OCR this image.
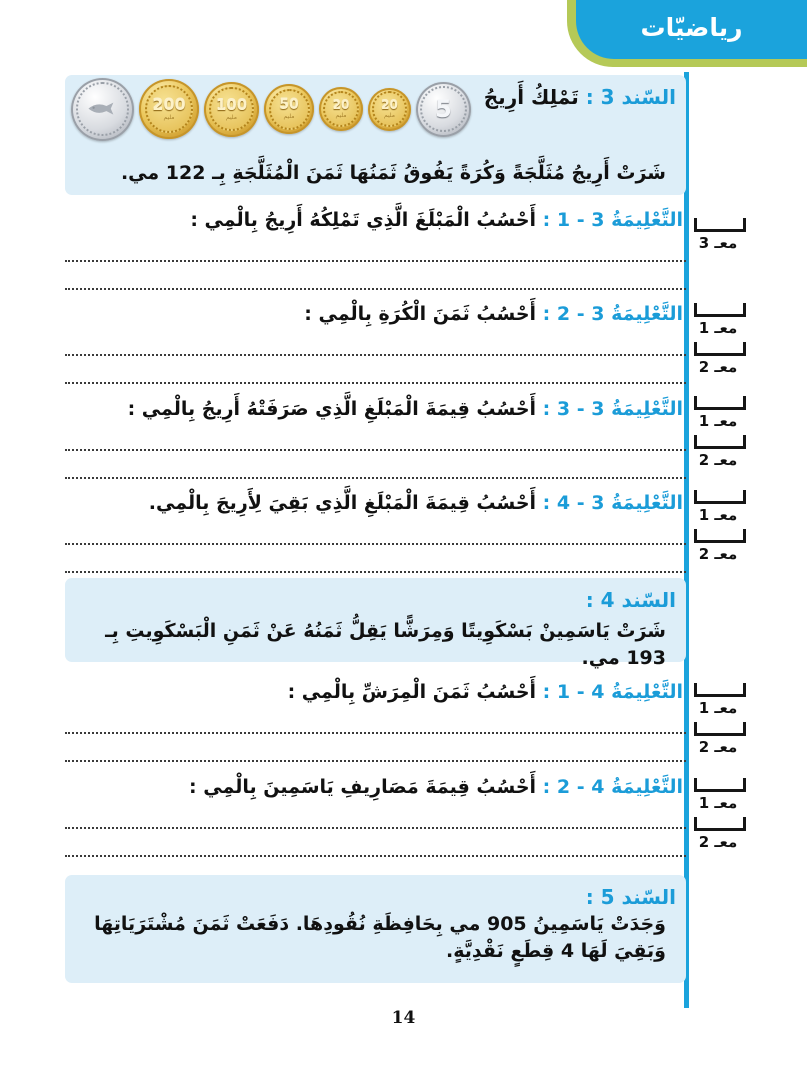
رياضيّات
200
مليم
100
مليم
50
مليم
20
مليم
20
مليم 5	السّند 3 : تَمْلِكُ أَرِيجُ
شَرَتْ أَرِيجُ مُثَلَّجَةً وَكُرَةً يَفُوقُ ثَمَنُهَا ثَمَنَ الْمُثَلَّجَةِ بِـ 122 مي.
التَّعْلِيمَةُ 3 - 1 : أَحْسُبُ الْمَبْلَغَ الَّذِي تَمْلِكُهُ أَرِيجُ بِالْمِي :
التَّعْلِيمَةُ 3 - 2 : أَحْسُبُ ثَمَنَ الْكُرَةِ بِالْمِي :
التَّعْلِيمَةُ 3 - 3 : أَحْسُبُ قِيمَةَ الْمَبْلَغِ الَّذِي صَرَفَتْهُ أَرِيجُ بِالْمِي :
التَّعْلِيمَةُ 3 - 4 : أَحْسُبُ قِيمَةَ الْمَبْلَغِ الَّذِي بَقِيَ لِأَرِيجَ بِالْمِي.
السّند 4 :
شَرَتْ يَاسَمِينْ بَسْكَوِيتًا وَمِرَشًّا يَقِلُّ ثَمَنُهُ عَنْ ثَمَنِ الْبَسْكَوِيتِ بِـ 193 مي.
التَّعْلِيمَةُ 4 - 1 : أَحْسُبُ ثَمَنَ الْمِرَشِّ بِالْمِي :
التَّعْلِيمَةُ 4 - 2 : أَحْسُبُ قِيمَةَ مَصَارِيفِ يَاسَمِينَ بِالْمِي :
السّند 5 :
وَجَدَتْ يَاسَمِينُ 905 مي بِحَافِظَةِ نُقُودِهَا. دَفَعَتْ ثَمَنَ مُشْتَرَيَاتِهَا وَبَقِيَ لَهَا 4 قِطَعٍ نَقْدِيَّةٍ.
معـ 3
معـ 1
معـ 2
معـ 1
معـ 2
معـ 1
معـ 2
معـ 1
معـ 2
معـ 1
معـ 2
14
